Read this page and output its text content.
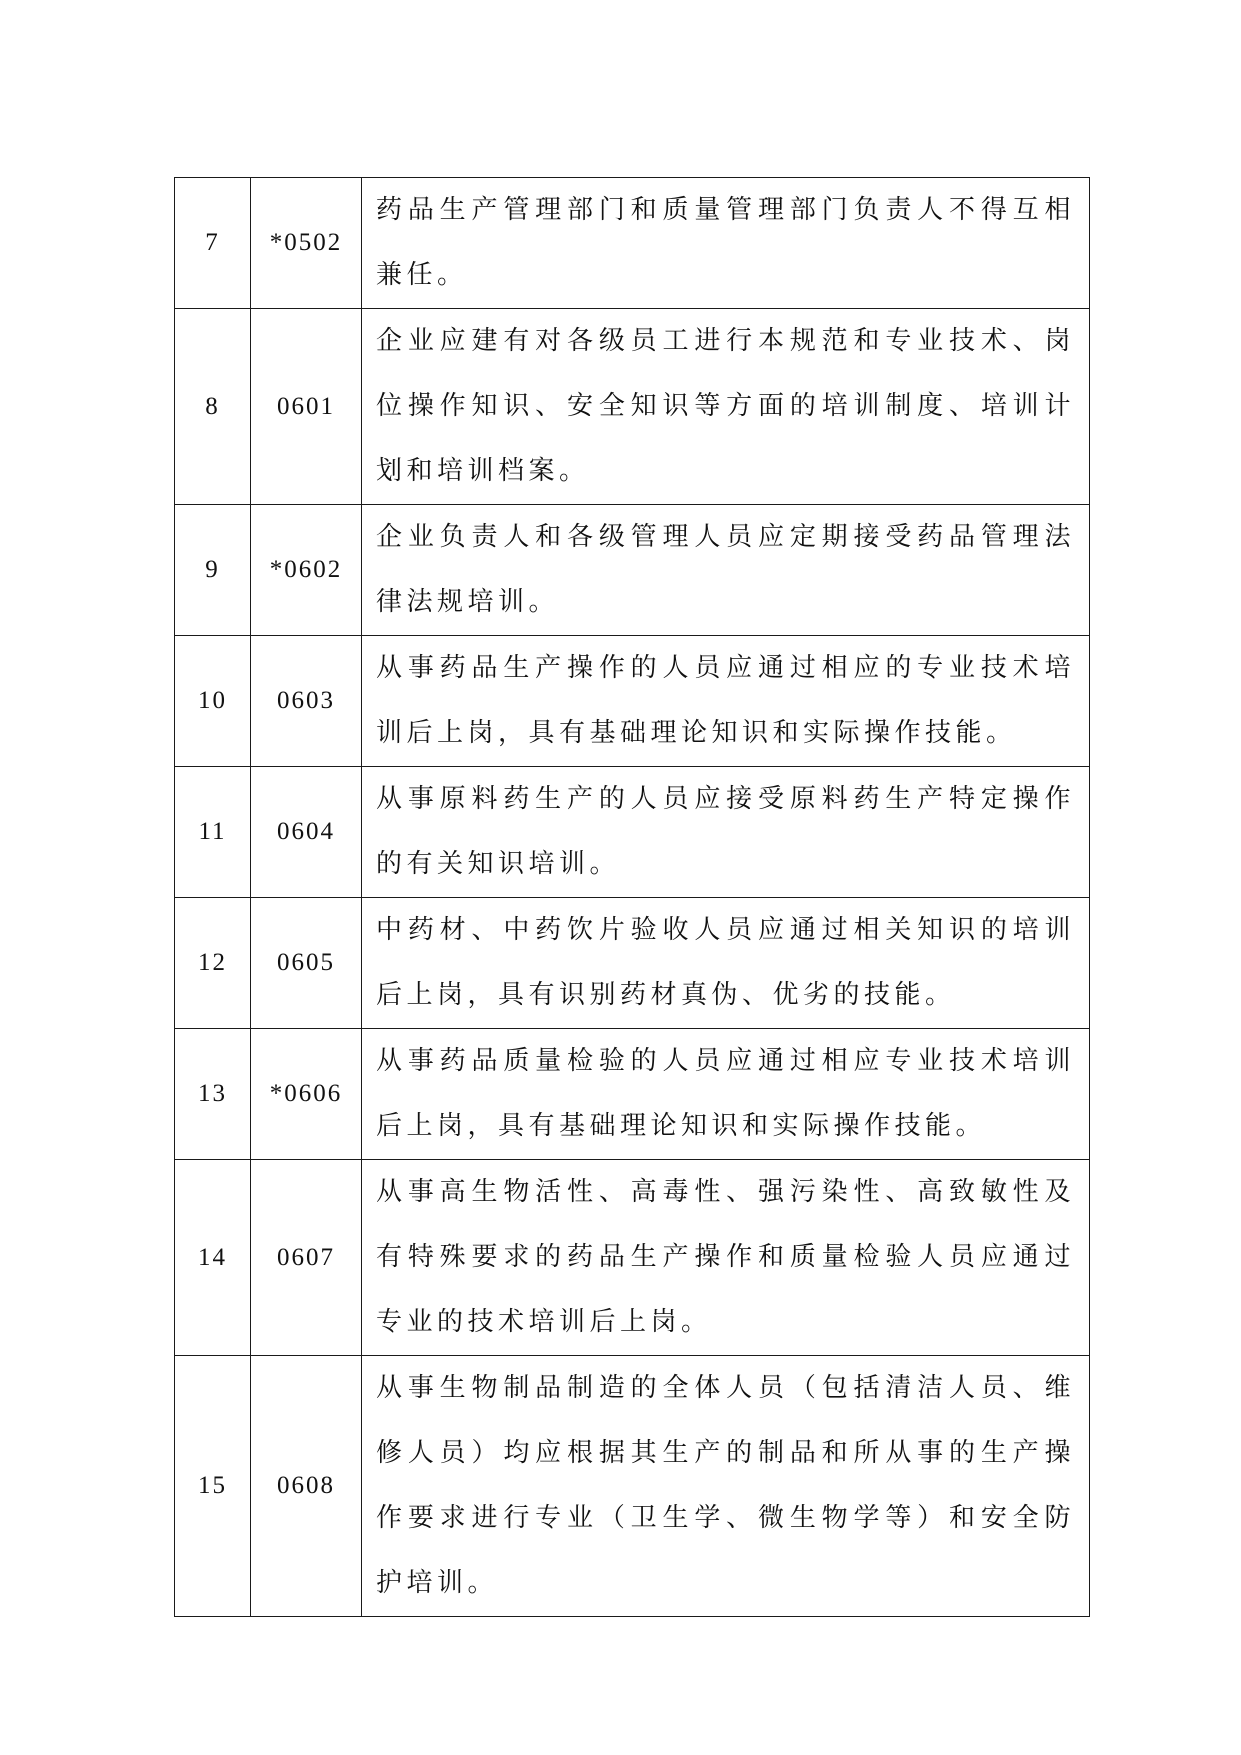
7	*0502	药品生产管理部门和质量管理部门负责人不得互相兼任。
8	0601	企业应建有对各级员工进行本规范和专业技术、岗位操作知识、安全知识等方面的培训制度、培训计划和培训档案。
9	*0602	企业负责人和各级管理人员应定期接受药品管理法律法规培训。
10	0603	从事药品生产操作的人员应通过相应的专业技术培训后上岗，具有基础理论知识和实际操作技能。
11	0604	从事原料药生产的人员应接受原料药生产特定操作的有关知识培训。
12	0605	中药材、中药饮片验收人员应通过相关知识的培训后上岗，具有识别药材真伪、优劣的技能。
13	*0606	从事药品质量检验的人员应通过相应专业技术培训后上岗，具有基础理论知识和实际操作技能。
14	0607	从事高生物活性、高毒性、强污染性、高致敏性及有特殊要求的药品生产操作和质量检验人员应通过专业的技术培训后上岗。
15	0608	从事生物制品制造的全体人员（包括清洁人员、维修人员）均应根据其生产的制品和所从事的生产操作要求进行专业（卫生学、微生物学等）和安全防护培训。
